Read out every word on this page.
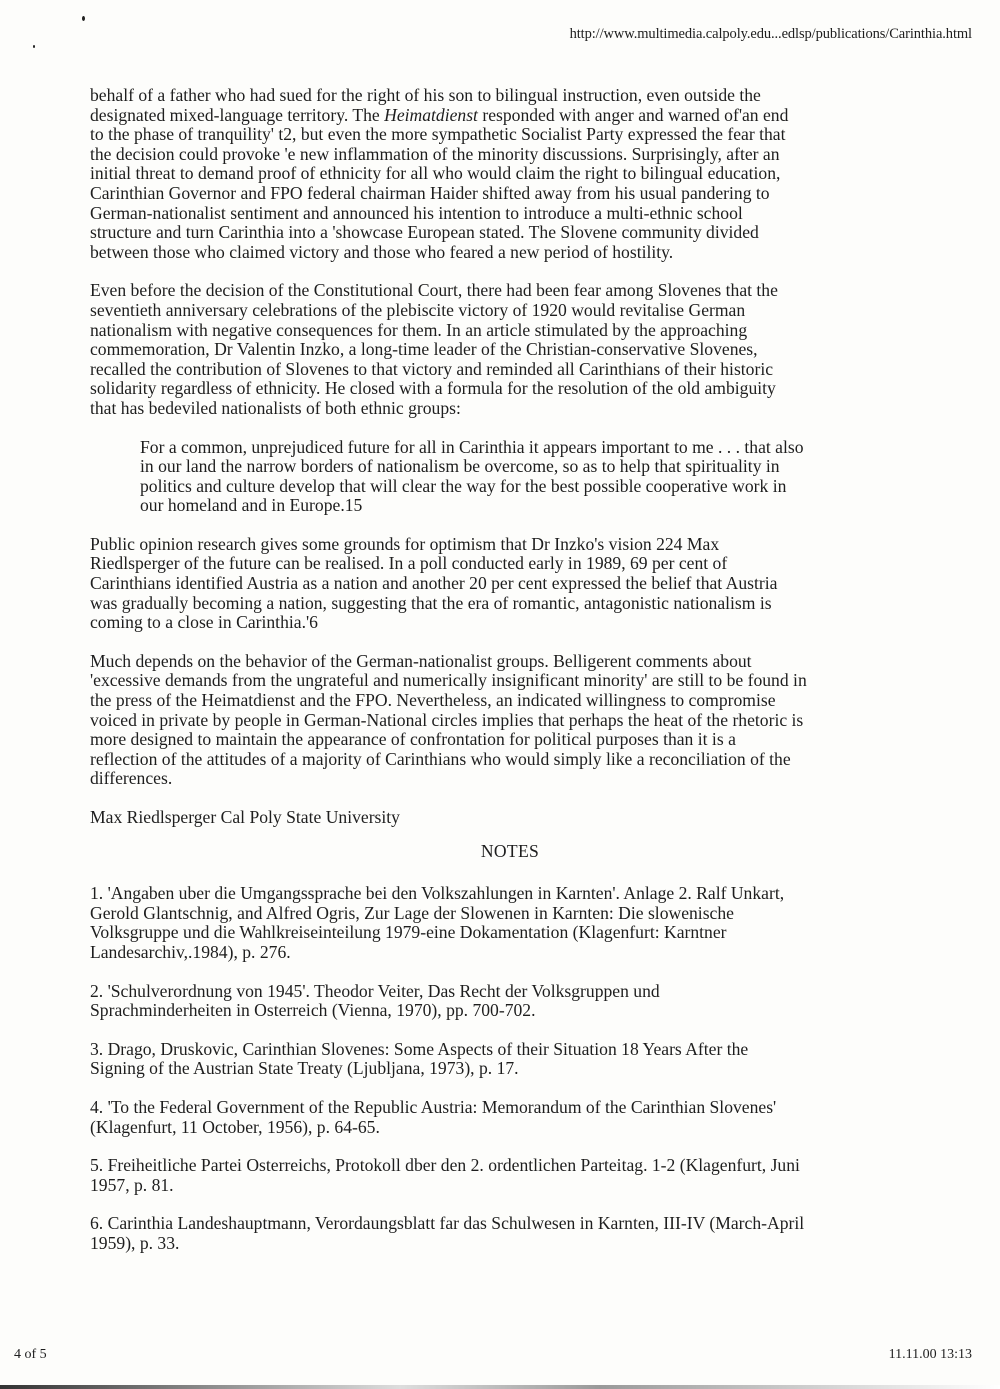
http://www.multimedia.calpoly.edu...edlsp/publications/Carinthia.html

behalf of a father who had sued for the right of his son to bilingual instruction, even outside the
designated mixed-language territory. The Heimatdienst responded with anger and warned of'an end
to the phase of tranquility' t2, but even the more sympathetic Socialist Party expressed the fear that
the decision could provoke 'e new inflammation of the minority discussions. Surprisingly, after an
initial threat to demand proof of ethnicity for all who would claim the right to bilingual education,
Carinthian Governor and FPO federal chairman Haider shifted away from his usual pandering to
German-nationalist sentiment and announced his intention to introduce a multi-ethnic school
structure and turn Carinthia into a 'showcase European stated. The Slovene community divided
between those who claimed victory and those who feared a new period of hostility.

Even before the decision of the Constitutional Court, there had been fear among Slovenes that the
seventieth anniversary celebrations of the plebiscite victory of 1920 would revitalise German
nationalism with negative consequences for them. In an article stimulated by the approaching
commemoration, Dr Valentin Inzko, a long-time leader of the Christian-conservative Slovenes,
recalled the contribution of Slovenes to that victory and reminded all Carinthians of their historic
solidarity regardless of ethnicity. He closed with a formula for the resolution of the old ambiguity
that has bedeviled nationalists of both ethnic groups:

For a common, unprejudiced future for all in Carinthia it appears important to me . . . that also
in our land the narrow borders of nationalism be overcome, so as to help that spirituality in
politics and culture develop that will clear the way for the best possible cooperative work in
our homeland and in Europe.15

Public opinion research gives some grounds for optimism that Dr Inzko's vision 224 Max
Riedlsperger of the future can be realised. In a poll conducted early in 1989, 69 per cent of
Carinthians identified Austria as a nation and another 20 per cent expressed the belief that Austria
was gradually becoming a nation, suggesting that the era of romantic, antagonistic nationalism is
coming to a close in Carinthia.'6

Much depends on the behavior of the German-nationalist groups. Belligerent comments about
'excessive demands from the ungrateful and numerically insignificant minority' are still to be found in
the press of the Heimatdienst and the FPO. Nevertheless, an indicated willingness to compromise
voiced in private by people in German-National circles implies that perhaps the heat of the rhetoric is
more designed to maintain the appearance of confrontation for political purposes than it is a
reflection of the attitudes of a majority of Carinthians who would simply like a reconciliation of the
differences.

Max Riedlsperger Cal Poly State University

NOTES

1. 'Angaben uber die Umgangssprache bei den Volkszahlungen in Karnten'. Anlage 2. Ralf Unkart,
Gerold Glantschnig, and Alfred Ogris, Zur Lage der Slowenen in Karnten: Die slowenische
Volksgruppe und die Wahlkreiseinteilung 1979-eine Dokamentation (Klagenfurt: Karntner
Landesarchiv,.1984), p. 276.

2. 'Schulverordnung von 1945'. Theodor Veiter, Das Recht der Volksgruppen und
Sprachminderheiten in Osterreich (Vienna, 1970), pp. 700-702.

3. Drago, Druskovic, Carinthian Slovenes: Some Aspects of their Situation 18 Years After the
Signing of the Austrian State Treaty (Ljubljana, 1973), p. 17.

4. 'To the Federal Government of the Republic Austria: Memorandum of the Carinthian Slovenes'
(Klagenfurt, 11 October, 1956), p. 64-65.

5. Freiheitliche Partei Osterreichs, Protokoll dber den 2. ordentlichen Parteitag. 1-2 (Klagenfurt, Juni
1957, p. 81.

6. Carinthia Landeshauptmann, Verordaungsblatt far das Schulwesen in Karnten, III-IV (March-April
1959), p. 33.

4 of 5	11.11.00 13:13
